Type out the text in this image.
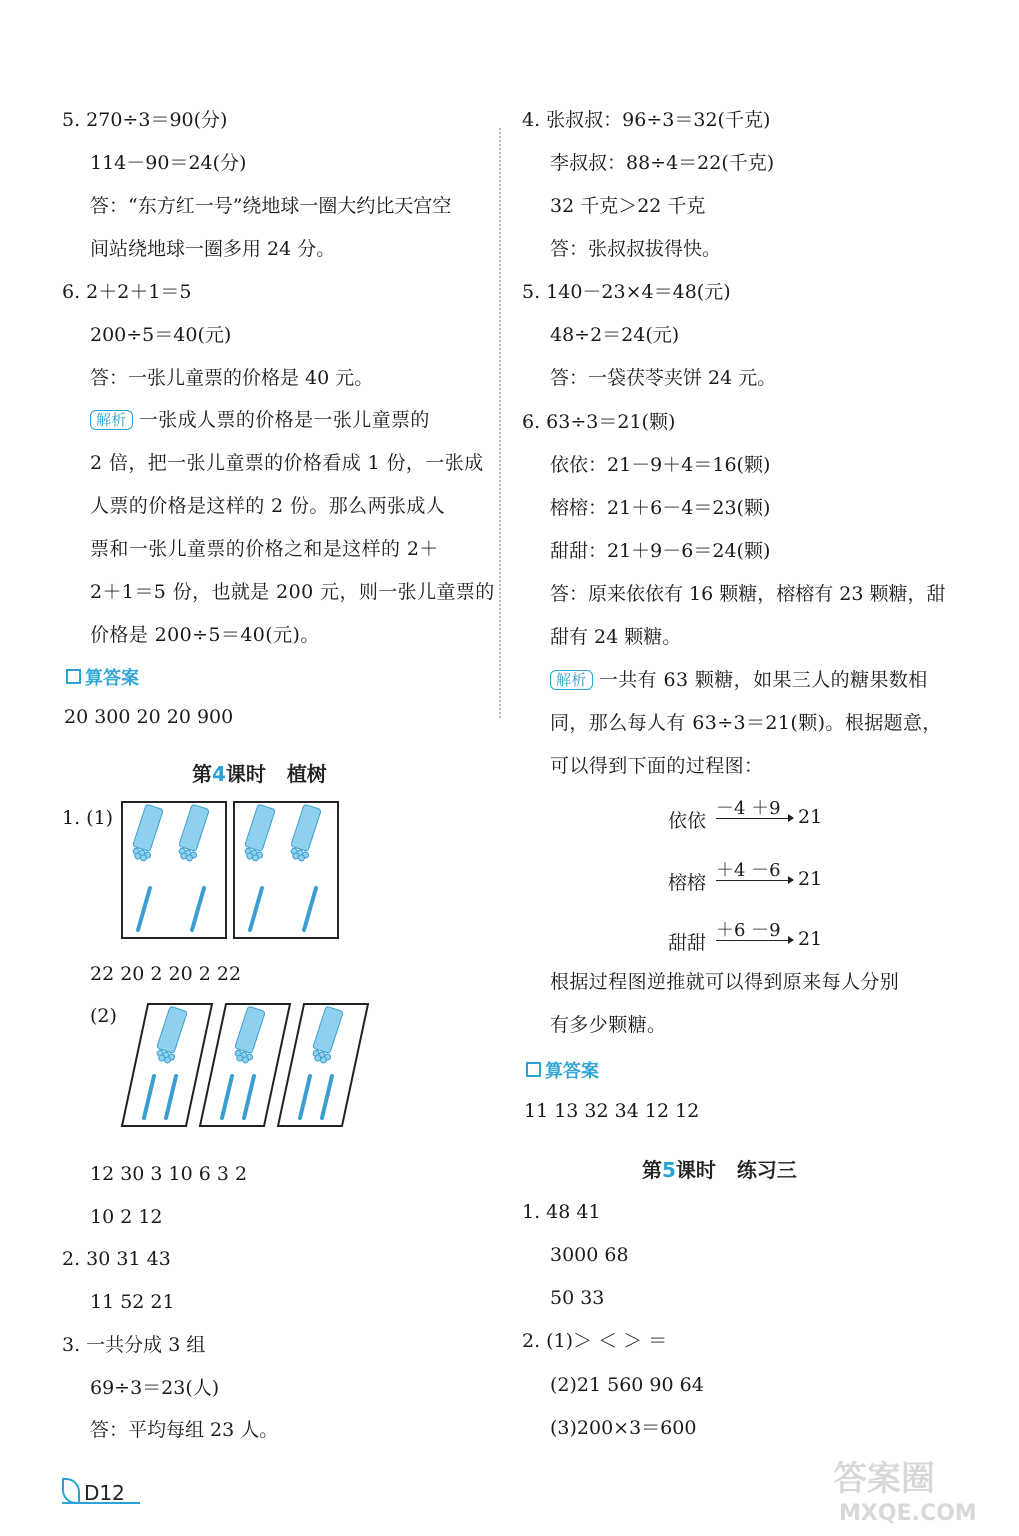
5. 270÷3＝90(分)
114－90＝24(分)
答：“东方红一号”绕地球一圈大约比天宫空
间站绕地球一圈多用 24 分。
6. 2＋2＋1＝5
200÷5＝40(元)
答：一张儿童票的价格是 40 元。
解析 一张成人票的价格是一张儿童票的
2 倍，把一张儿童票的价格看成 1 份，一张成
人票的价格是这样的 2 份。那么两张成人
票和一张儿童票的价格之和是这样的 2＋
2＋1＝5 份，也就是 200 元，则一张儿童票的
价格是 200÷5＝40(元)。
算答案
20 300 20 20 900
第4课时 植树
1. (1)
22 20 2 20 2 22
(2)
12 30 3 10 6 3 2
10 2 12
2. 30 31 43
11 52 21
3. 一共分成 3 组
69÷3＝23(人)
答：平均每组 23 人。
4. 张叔叔：96÷3＝32(千克)
李叔叔：88÷4＝22(千克)
32 千克＞22 千克
答：张叔叔拔得快。
5. 140－23×4＝48(元)
48÷2＝24(元)
答：一袋茯苓夹饼 24 元。
6. 63÷3＝21(颗)
依依：21－9＋4＝16(颗)
榕榕：21＋6－4＝23(颗)
甜甜：21＋9－6＝24(颗)
答：原来依依有 16 颗糖，榕榕有 23 颗糖，甜
甜有 24 颗糖。
解析 一共有 63 颗糖，如果三人的糖果数相
同，那么每人有 63÷3＝21(颗)。根据题意，
可以得到下面的过程图：
依依
－4 ＋9 21
榕榕
＋4 －6 21
甜甜
＋6 －9 21
根据过程图逆推就可以得到原来每人分别
有多少颗糖。
算答案
11 13 32 34 12 12
第5课时 练习三
1. 48 41
3000 68
50 33
2. (1)＞ ＜ ＞ ＝
(2)21 560 90 64
(3)200×3＝600
D12	答案圈
MXQE.COM
